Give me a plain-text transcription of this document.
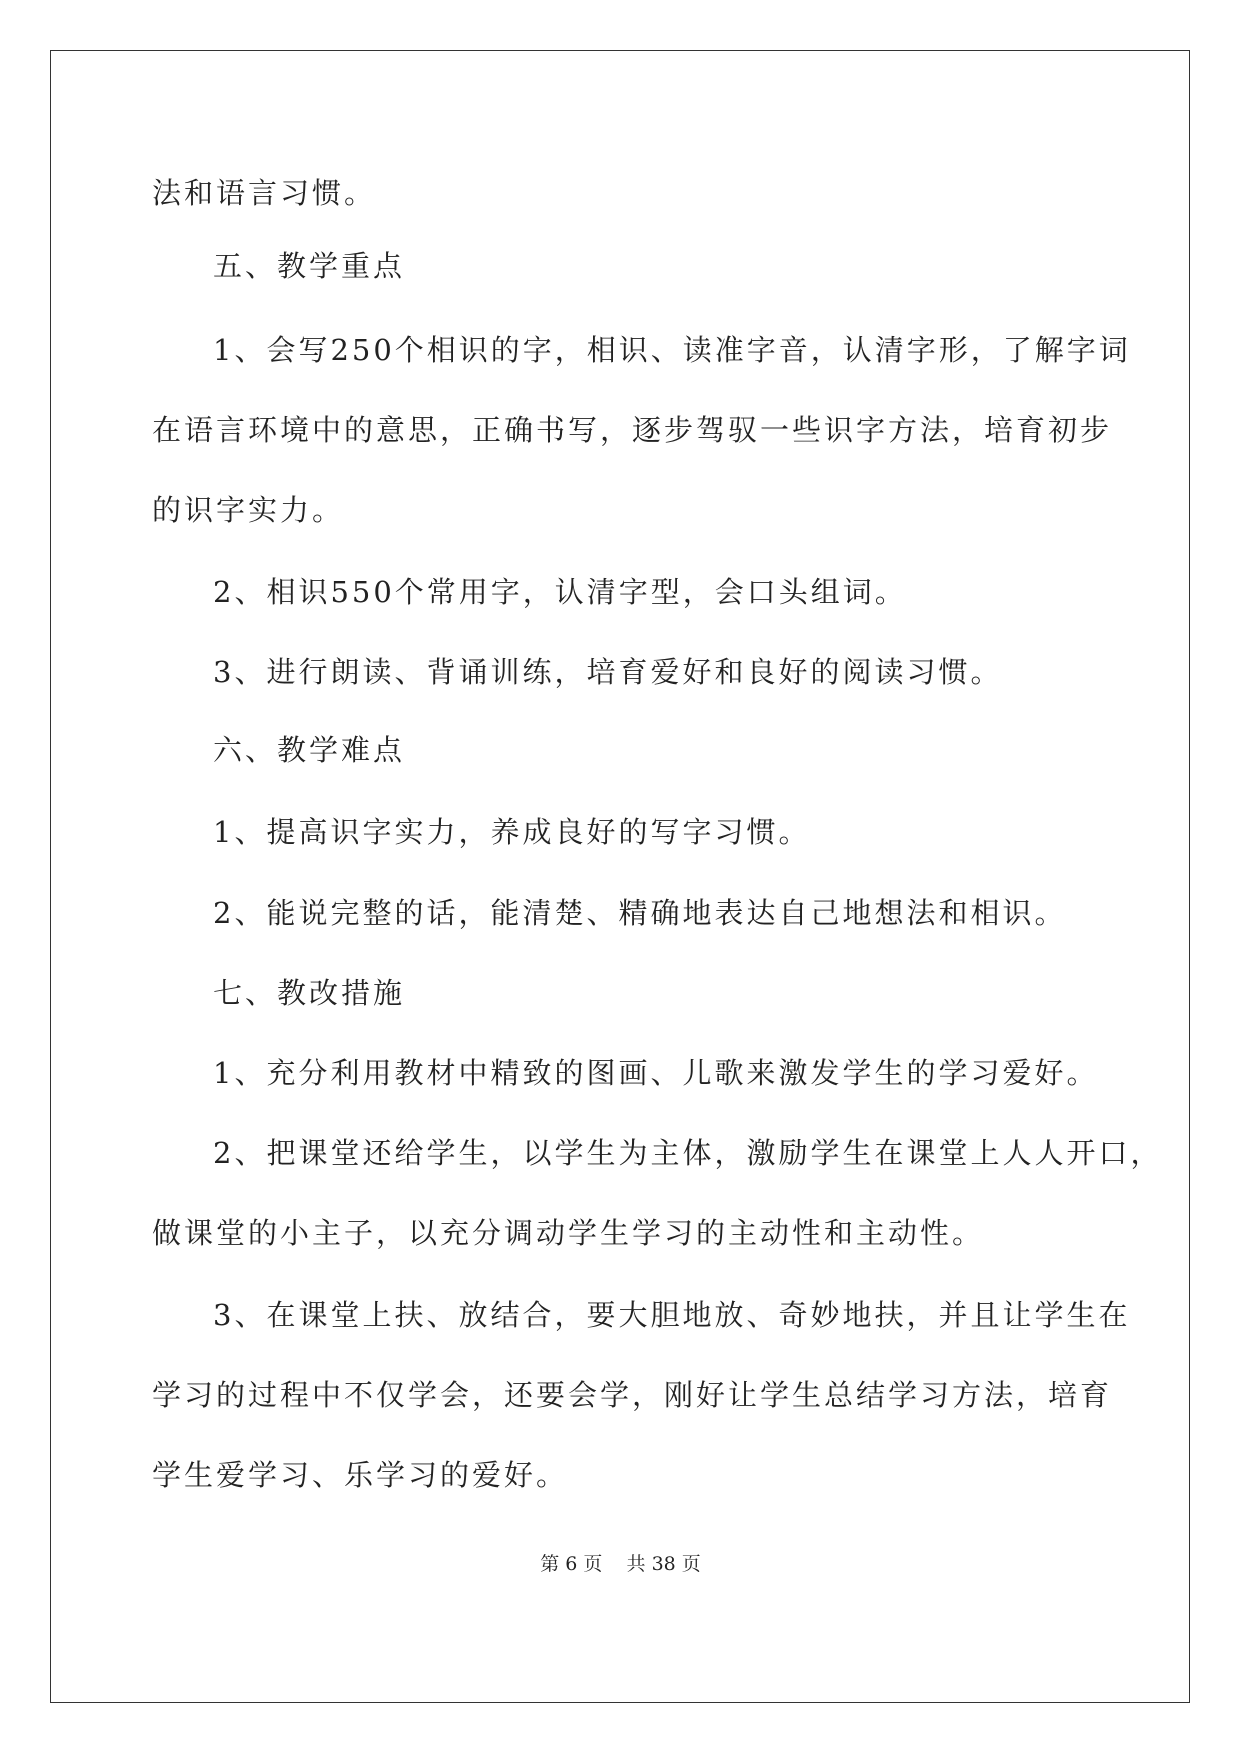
法和语言习惯。
五、教学重点
1、会写250个相识的字，相识、读准字音，认清字形，了解字词
在语言环境中的意思，正确书写，逐步驾驭一些识字方法，培育初步
的识字实力。
2、相识550个常用字，认清字型，会口头组词。
3、进行朗读、背诵训练，培育爱好和良好的阅读习惯。
六、教学难点
1、提高识字实力，养成良好的写字习惯。
2、能说完整的话，能清楚、精确地表达自己地想法和相识。
七、教改措施
1、充分利用教材中精致的图画、儿歌来激发学生的学习爱好。
2、把课堂还给学生，以学生为主体，激励学生在课堂上人人开口，
做课堂的小主子，以充分调动学生学习的主动性和主动性。
3、在课堂上扶、放结合，要大胆地放、奇妙地扶，并且让学生在
学习的过程中不仅学会，还要会学，刚好让学生总结学习方法，培育
学生爱学习、乐学习的爱好。
第 6 页    共 38 页
